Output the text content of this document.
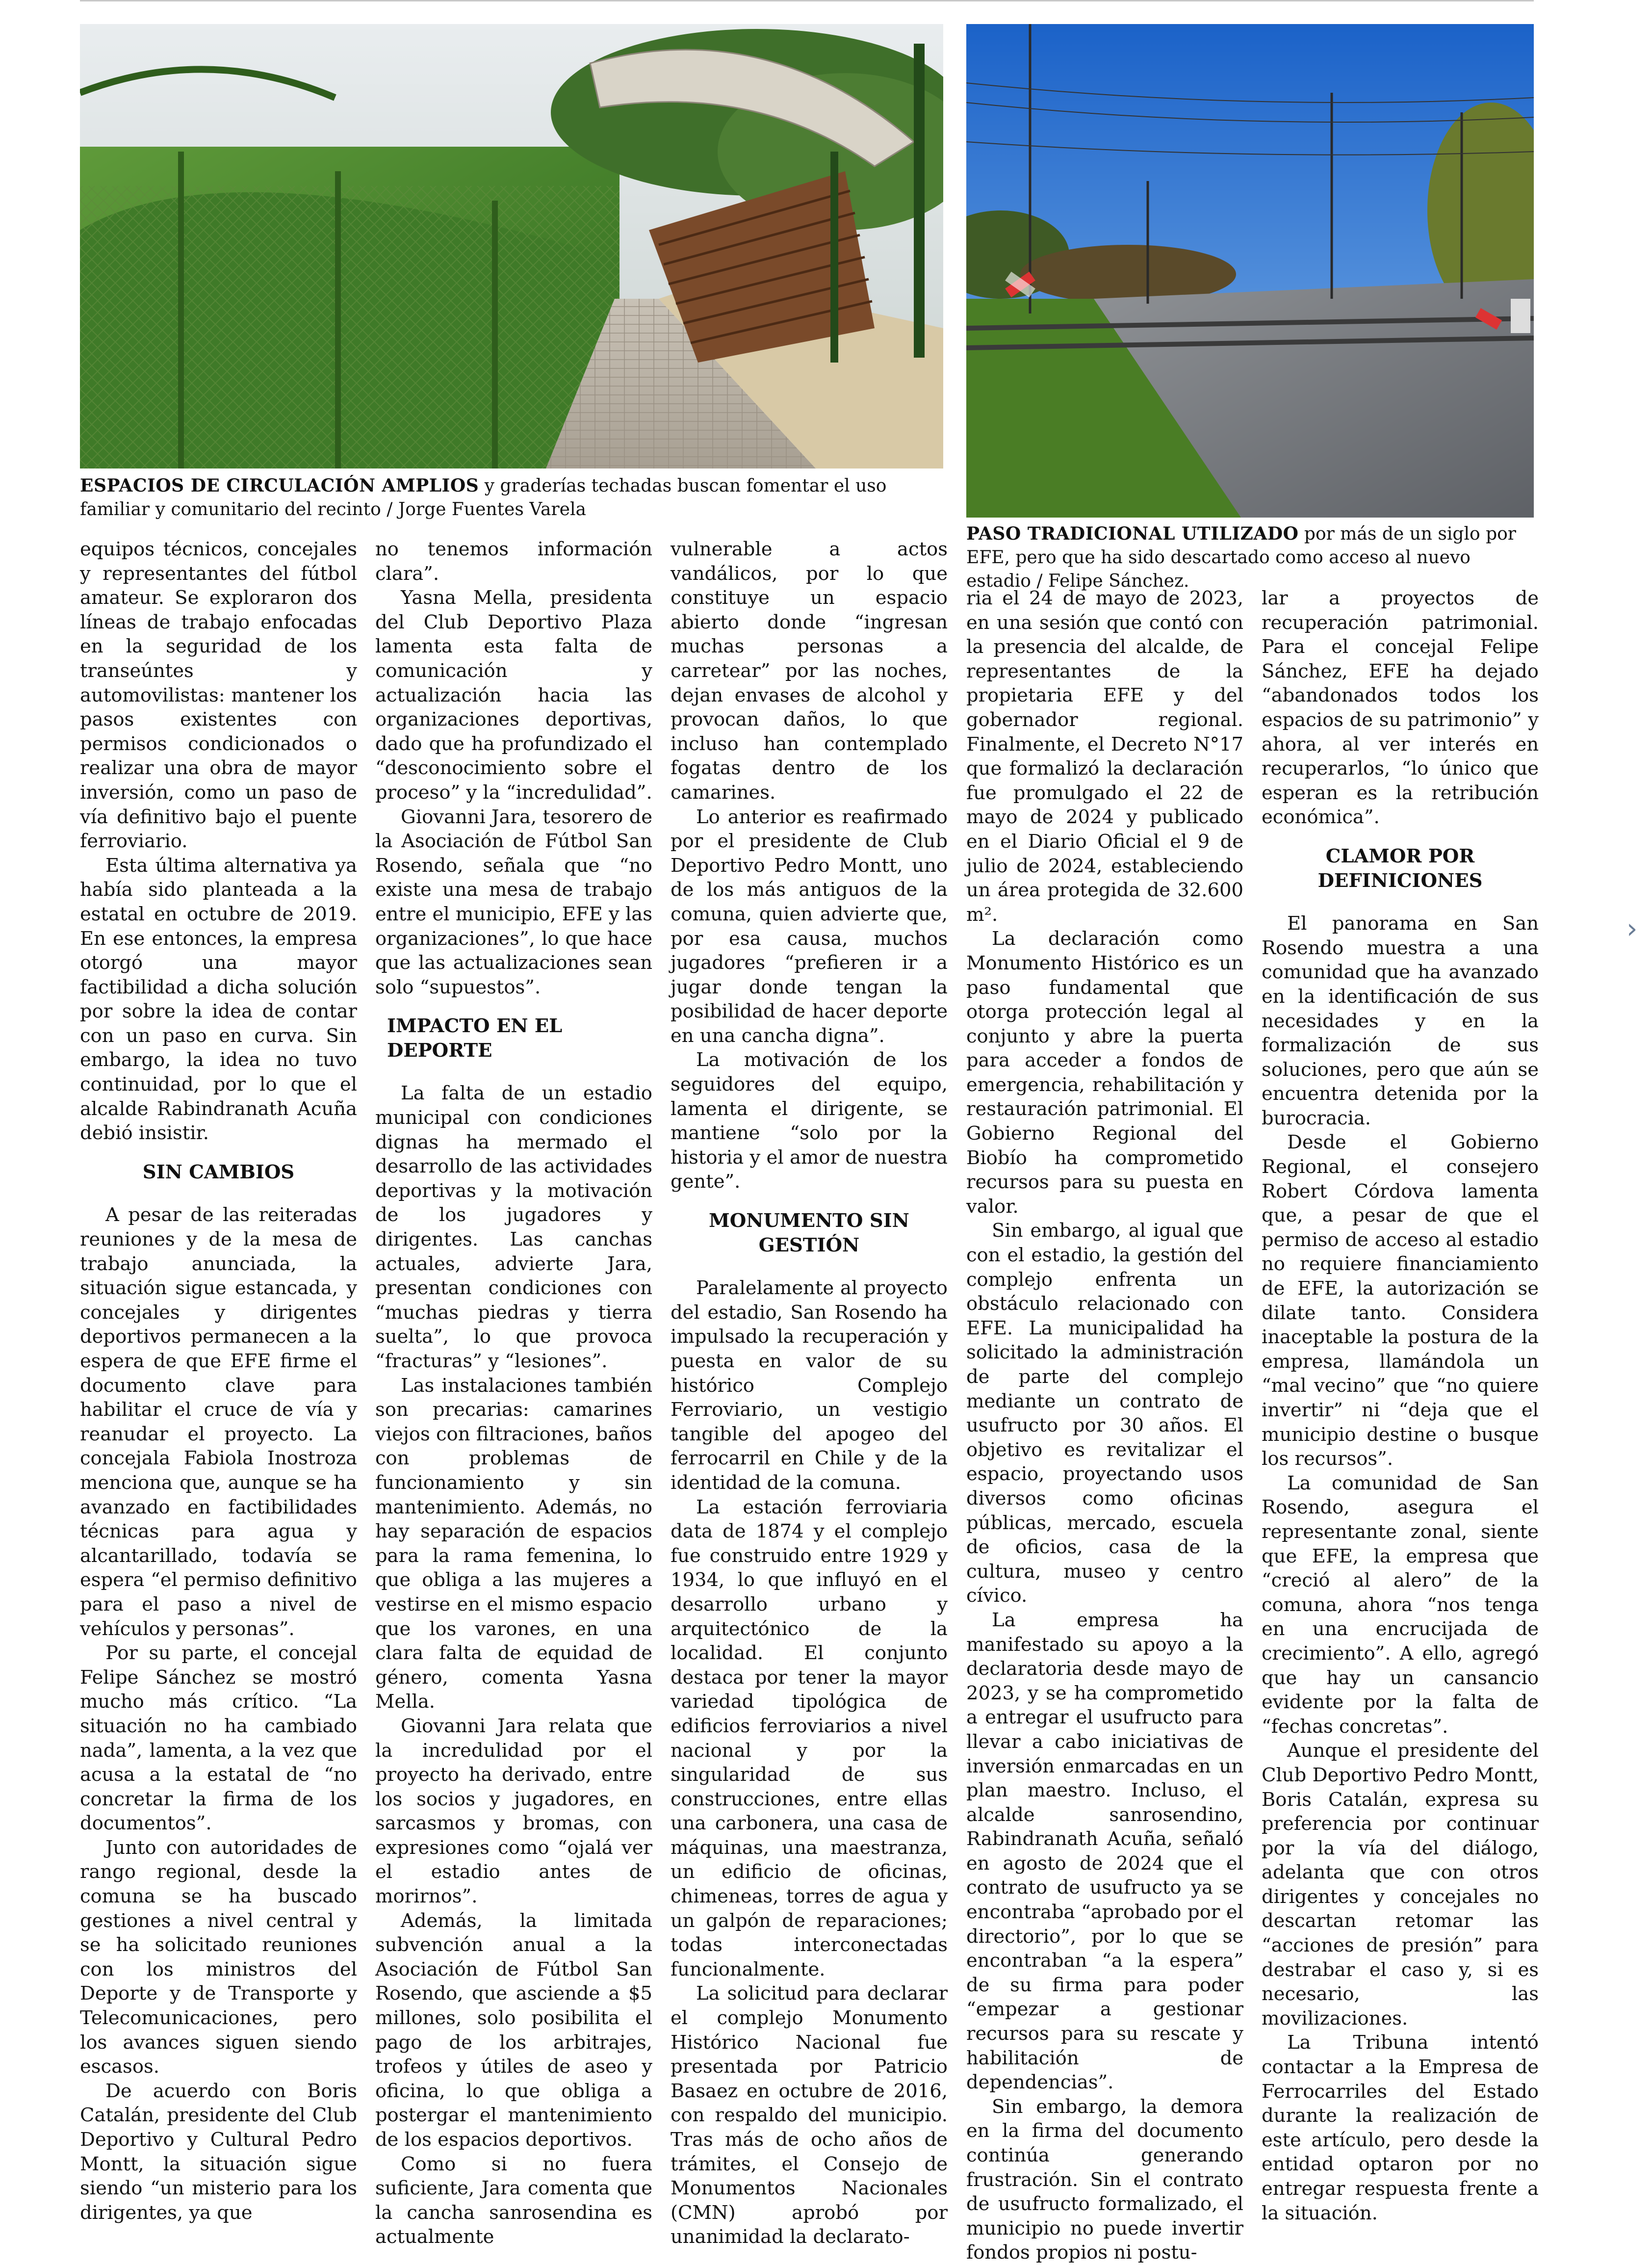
ESPACIOS DE CIRCULACIÓN AMPLIOS y graderías techadas buscan fomentar el uso familiar y comunitario del recinto / Jorge Fuentes Varela
PASO TRADICIONAL UTILIZADO por más de un siglo por EFE, pero que ha sido descartado como acceso al nuevo estadio / Felipe Sánchez.

equipos técnicos, concejales y representantes del fútbol amateur. Se exploraron dos líneas de trabajo enfocadas en la seguridad de los transeúntes y automovilistas: mantener los pasos existentes con permisos condicionados o realizar una obra de mayor inversión, como un paso de vía definitivo bajo el puente ferroviario.

Esta última alternativa ya había sido planteada a la estatal en octubre de 2019. En ese entonces, la empresa otorgó una mayor factibilidad a dicha solución por sobre la idea de contar con un paso en curva. Sin embargo, la idea no tuvo continuidad, por lo que el alcalde Rabindranath Acuña debió insistir.

SIN CAMBIOS

A pesar de las reiteradas reuniones y de la mesa de trabajo anunciada, la situación sigue estancada, y concejales y dirigentes deportivos permanecen a la espera de que EFE firme el documento clave para habilitar el cruce de vía y reanudar el proyecto. La concejala Fabiola Inostroza menciona que, aunque se ha avanzado en factibilidades técnicas para agua y alcantarillado, todavía se espera “el permiso definitivo para el paso a nivel de vehículos y personas”.

Por su parte, el concejal Felipe Sánchez se mostró mucho más crítico. “La situación no ha cambiado nada”, lamenta, a la vez que acusa a la estatal de “no concretar la firma de los documentos”.

Junto con autoridades de rango regional, desde la comuna se ha buscado gestiones a nivel central y se ha solicitado reuniones con los ministros del Deporte y de Transporte y Telecomunicaciones, pero los avances siguen siendo escasos.

De acuerdo con Boris Catalán, presidente del Club Deportivo y Cultural Pedro Montt, la situación sigue siendo “un misterio para los dirigentes, ya que

no tenemos información clara”.

Yasna Mella, presidenta del Club Deportivo Plaza lamenta esta falta de comunicación y actualización hacia las organizaciones deportivas, dado que ha profundizado el “desconocimiento sobre el proceso” y la “incredulidad”.

Giovanni Jara, tesorero de la Asociación de Fútbol San Rosendo, señala que “no existe una mesa de trabajo entre el municipio, EFE y las organizaciones”, lo que hace que las actualizaciones sean solo “supuestos”.

IMPACTO EN EL DEPORTE

La falta de un estadio municipal con condiciones dignas ha mermado el desarrollo de las actividades deportivas y la motivación de los jugadores y dirigentes. Las canchas actuales, advierte Jara, presentan condiciones con “muchas piedras y tierra suelta”, lo que provoca “fracturas” y “lesiones”.

Las instalaciones también son precarias: camarines viejos con filtraciones, baños con problemas de funcionamiento y sin mantenimiento. Además, no hay separación de espacios para la rama femenina, lo que obliga a las mujeres a vestirse en el mismo espacio que los varones, en una clara falta de equidad de género, comenta Yasna Mella.

Giovanni Jara relata que la incredulidad por el proyecto ha derivado, entre los socios y jugadores, en sarcasmos y bromas, con expresiones como “ojalá ver el estadio antes de morirnos”.

Además, la limitada subvención anual a la Asociación de Fútbol San Rosendo, que asciende a $5 millones, solo posibilita el pago de los arbitrajes, trofeos y útiles de aseo y oficina, lo que obliga a postergar el mantenimiento de los espacios deportivos.

Como si no fuera suficiente, Jara comenta que la cancha sanrosendina es actualmente

vulnerable a actos vandálicos, por lo que constituye un espacio abierto donde “ingresan muchas personas a carretear” por las noches, dejan envases de alcohol y provocan daños, lo que incluso han contemplado fogatas dentro de los camarines.

Lo anterior es reafirmado por el presidente de Club Deportivo Pedro Montt, uno de los más antiguos de la comuna, quien advierte que, por esa causa, muchos jugadores “prefieren ir a jugar donde tengan la posibilidad de hacer deporte en una cancha digna”.

La motivación de los seguidores del equipo, lamenta el dirigente, se mantiene “solo por la historia y el amor de nuestra gente”.

MONUMENTO SIN GESTIÓN

Paralelamente al proyecto del estadio, San Rosendo ha impulsado la recuperación y puesta en valor de su histórico Complejo Ferroviario, un vestigio tangible del apogeo del ferrocarril en Chile y de la identidad de la comuna.

La estación ferroviaria data de 1874 y el complejo fue construido entre 1929 y 1934, lo que influyó en el desarrollo urbano y arquitectónico de la localidad. El conjunto destaca por tener la mayor variedad tipológica de edificios ferroviarios a nivel nacional y por la singularidad de sus construcciones, entre ellas una carbonera, una casa de máquinas, una maestranza, un edificio de oficinas, chimeneas, torres de agua y un galpón de reparaciones; todas interconectadas funcionalmente.

La solicitud para declarar el complejo Monumento Histórico Nacional fue presentada por Patricio Basaez en octubre de 2016, con respaldo del municipio. Tras más de ocho años de trámites, el Consejo de Monumentos Nacionales (CMN) aprobó por unanimidad la declarato-

ria el 24 de mayo de 2023, en una sesión que contó con la presencia del alcalde, de representantes de la propietaria EFE y del gobernador regional. Finalmente, el Decreto N°17 que formalizó la declaración fue promulgado el 22 de mayo de 2024 y publicado en el Diario Oficial el 9 de julio de 2024, estableciendo un área protegida de 32.600 m².

La declaración como Monumento Histórico es un paso fundamental que otorga protección legal al conjunto y abre la puerta para acceder a fondos de emergencia, rehabilitación y restauración patrimonial. El Gobierno Regional del Biobío ha comprometido recursos para su puesta en valor.

Sin embargo, al igual que con el estadio, la gestión del complejo enfrenta un obstáculo relacionado con EFE. La municipalidad ha solicitado la administración de parte del complejo mediante un contrato de usufructo por 30 años. El objetivo es revitalizar el espacio, proyectando usos diversos como oficinas públicas, mercado, escuela de oficios, casa de la cultura, museo y centro cívico.

La empresa ha manifestado su apoyo a la declaratoria desde mayo de 2023, y se ha comprometido a entregar el usufructo para llevar a cabo iniciativas de inversión enmarcadas en un plan maestro. Incluso, el alcalde sanrosendino, Rabindranath Acuña, señaló en agosto de 2024 que el contrato de usufructo ya se encontraba “aprobado por el directorio”, por lo que se encontraban “a la espera” de su firma para poder “empezar a gestionar recursos para su rescate y habilitación de dependencias”.

Sin embargo, la demora en la firma del documento continúa generando frustración. Sin el contrato de usufructo formalizado, el municipio no puede invertir fondos propios ni postu-

lar a proyectos de recuperación patrimonial. Para el concejal Felipe Sánchez, EFE ha dejado “abandonados todos los espacios de su patrimonio” y ahora, al ver interés en recuperarlos, “lo único que esperan es la retribución económica”.

CLAMOR POR DEFINICIONES

El panorama en San Rosendo muestra a una comunidad que ha avanzado en la identificación de sus necesidades y en la formalización de sus soluciones, pero que aún se encuentra detenida por la burocracia.

Desde el Gobierno Regional, el consejero Robert Córdova lamenta que, a pesar de que el permiso de acceso al estadio no requiere financiamiento de EFE, la autorización se dilate tanto. Considera inaceptable la postura de la empresa, llamándola un “mal vecino” que “no quiere invertir” ni “deja que el municipio destine o busque los recursos”.

La comunidad de San Rosendo, asegura el representante zonal, siente que EFE, la empresa que “creció al alero” de la comuna, ahora “nos tenga en una encrucijada de crecimiento”. A ello, agregó que hay un cansancio evidente por la falta de “fechas concretas”.

Aunque el presidente del Club Deportivo Pedro Montt, Boris Catalán, expresa su preferencia por continuar por la vía del diálogo, adelanta que con otros dirigentes y concejales no descartan retomar las “acciones de presión” para destrabar el caso y, si es necesario, las movilizaciones.

La Tribuna intentó contactar a la Empresa de Ferrocarriles del Estado durante la realización de este artículo, pero desde la entidad optaron por no entregar respuesta frente a la situación.

›
